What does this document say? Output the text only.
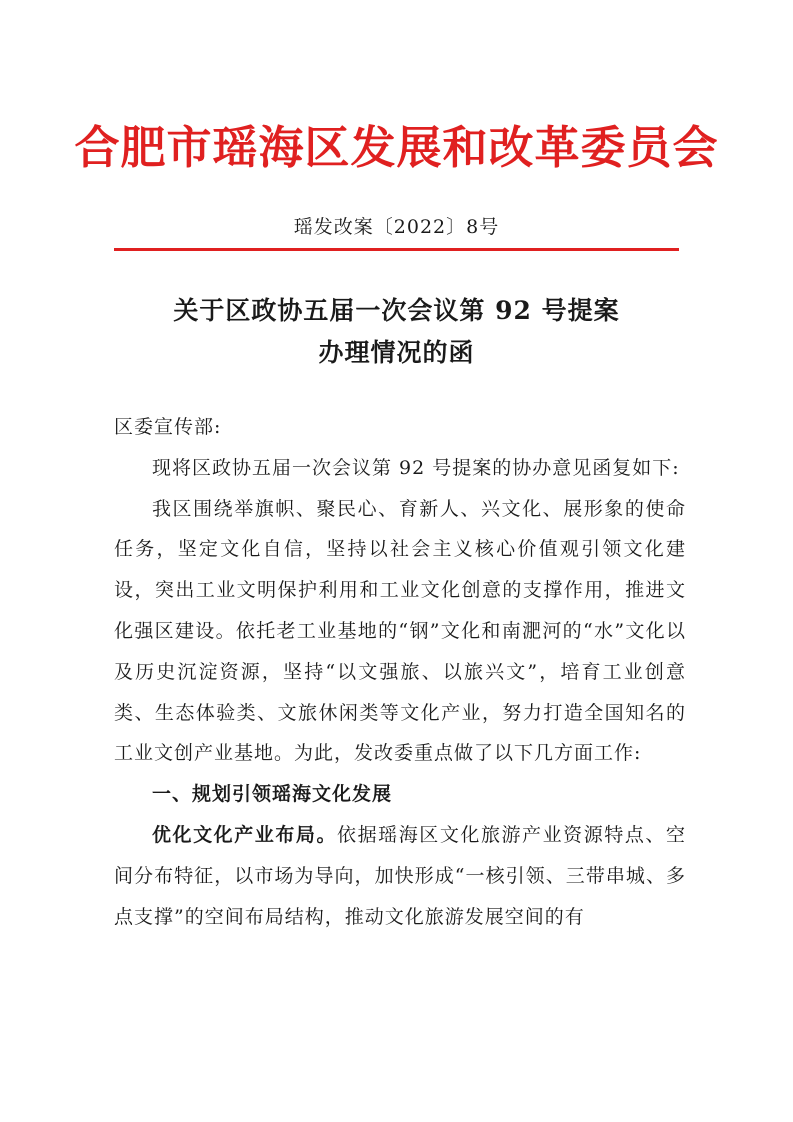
合肥市瑶海区发展和改革委员会
瑶发改案〔2022〕8号
关于区政协五届一次会议第 92 号提案
办理情况的函
区委宣传部:
现将区政协五届一次会议第 92 号提案的协办意见函复如下:
我区围绕举旗帜、聚民心、育新人、兴文化、展形象的使命任务，坚定文化自信，坚持以社会主义核心价值观引领文化建设，突出工业文明保护利用和工业文化创意的支撑作用，推进文化强区建设。依托老工业基地的“钢”文化和南淝河的“水”文化以及历史沉淀资源，坚持“以文强旅、以旅兴文”，培育工业创意类、生态体验类、文旅休闲类等文化产业，努力打造全国知名的工业文创产业基地。为此，发改委重点做了以下几方面工作:
一、规划引领瑶海文化发展
优化文化产业布局。依据瑶海区文化旅游产业资源特点、空间分布特征，以市场为导向，加快形成“一核引领、三带串城、多点支撑”的空间布局结构，推动文化旅游发展空间的有
